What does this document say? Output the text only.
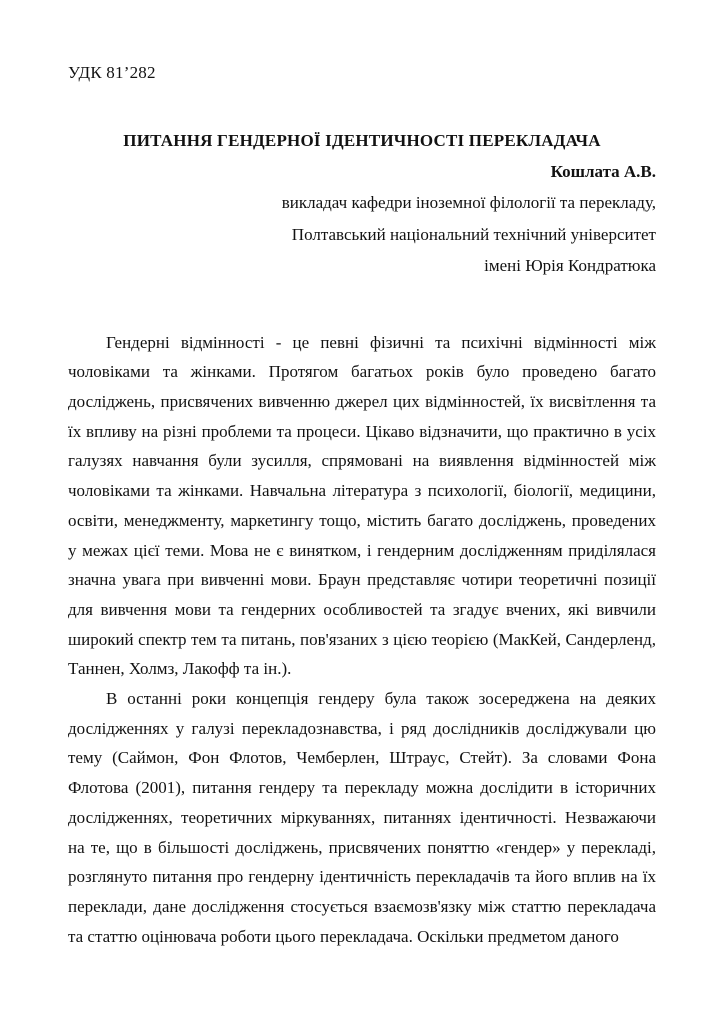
УДК 81’282
ПИТАННЯ ГЕНДЕРНОЇ ІДЕНТИЧНОСТІ ПЕРЕКЛАДАЧА
Кошлата А.В.
викладач кафедри іноземної філології та перекладу,
Полтавський національний технічний університет
імені Юрія Кондратюка

Гендерні відмінності - це певні фізичні та психічні відмінності між чоловіками та жінками. Протягом багатьох років було проведено багато досліджень, присвячених вивченню джерел цих відмінностей, їх висвітлення та їх впливу на різні проблеми та процеси. Цікаво відзначити, що практично в усіх галузях навчання були зусилля, спрямовані на виявлення відмінностей між чоловіками та жінками. Навчальна література з психології, біології, медицини, освіти, менеджменту, маркетингу тощо, містить багато досліджень, проведених у межах цієї теми. Мова не є винятком, і гендерним дослідженням приділялася значна увага при вивченні мови. Браун представляє чотири теоретичні позиції для вивчення мови та гендерних особливостей та згадує вчених, які вивчили широкий спектр тем та питань, пов'язаних з цією теорією (МакКей, Сандерленд, Таннен, Холмз, Лакофф та ін.).

В останні роки концепція гендеру була також зосереджена на деяких дослідженнях у галузі перекладознавства, і ряд дослідників досліджували цю тему (Саймон, Фон Флотов, Чемберлен, Штраус, Стейт). За словами Фона Флотова (2001), питання гендеру та перекладу можна дослідити в історичних дослідженнях, теоретичних міркуваннях, питаннях ідентичності. Незважаючи на те, що в більшості досліджень, присвячених поняттю «гендер» у перекладі, розглянуто питання про гендерну ідентичність перекладачів та його вплив на їх переклади, дане дослідження стосується взаємозв'язку між статтю перекладача та статтю оцінювача роботи цього перекладача. Оскільки предметом даного
